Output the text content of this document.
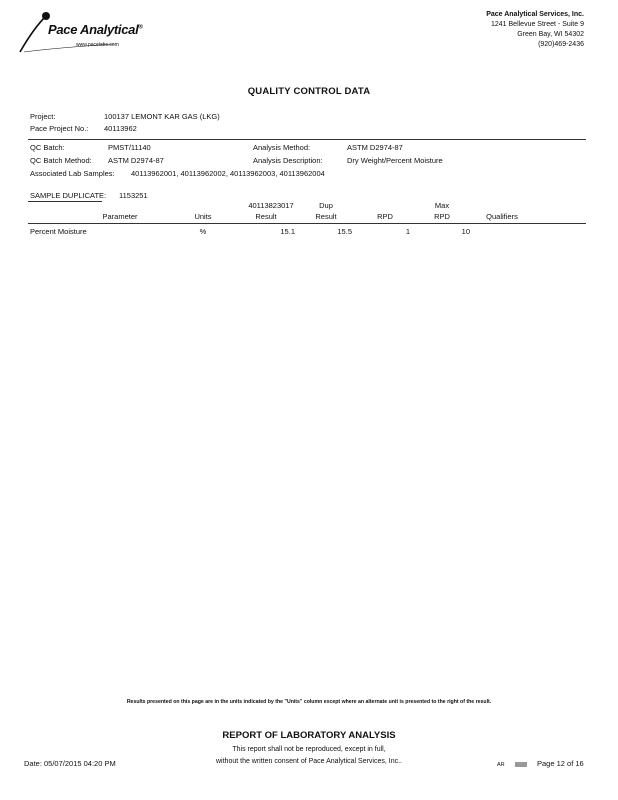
Pace Analytical®
www.pacelabs.com
Pace Analytical Services, Inc.
1241 Bellevue Street - Suite 9
Green Bay, WI 54302
(920)469-2436
QUALITY CONTROL DATA
Project:	100137 LEMONT KAR GAS (LKG)
Pace Project No.: 40113962
QC Batch:	PMST/11140	Analysis Method:	ASTM D2974-87
QC Batch Method: ASTM D2974-87	Analysis Description:	Dry Weight/Percent Moisture
Associated Lab Samples: 40113962001, 40113962002, 40113962003, 40113962004
SAMPLE DUPLICATE: 1153251
40113823017	Dup	Max
Parameter	Units	Result	Result	RPD	RPD	Qualifiers
Percent Moisture	%	15.1	15.5	1	10
Results presented on this page are in the units indicated by the "Units" column except where an alternate unit is presented to the right of the result.
REPORT OF LABORATORY ANALYSIS
This report shall not be reproduced, except in full,
without the written consent of Pace Analytical Services, Inc..
Date: 05/07/2015 04:20 PM	AR	Page 12 of 16
